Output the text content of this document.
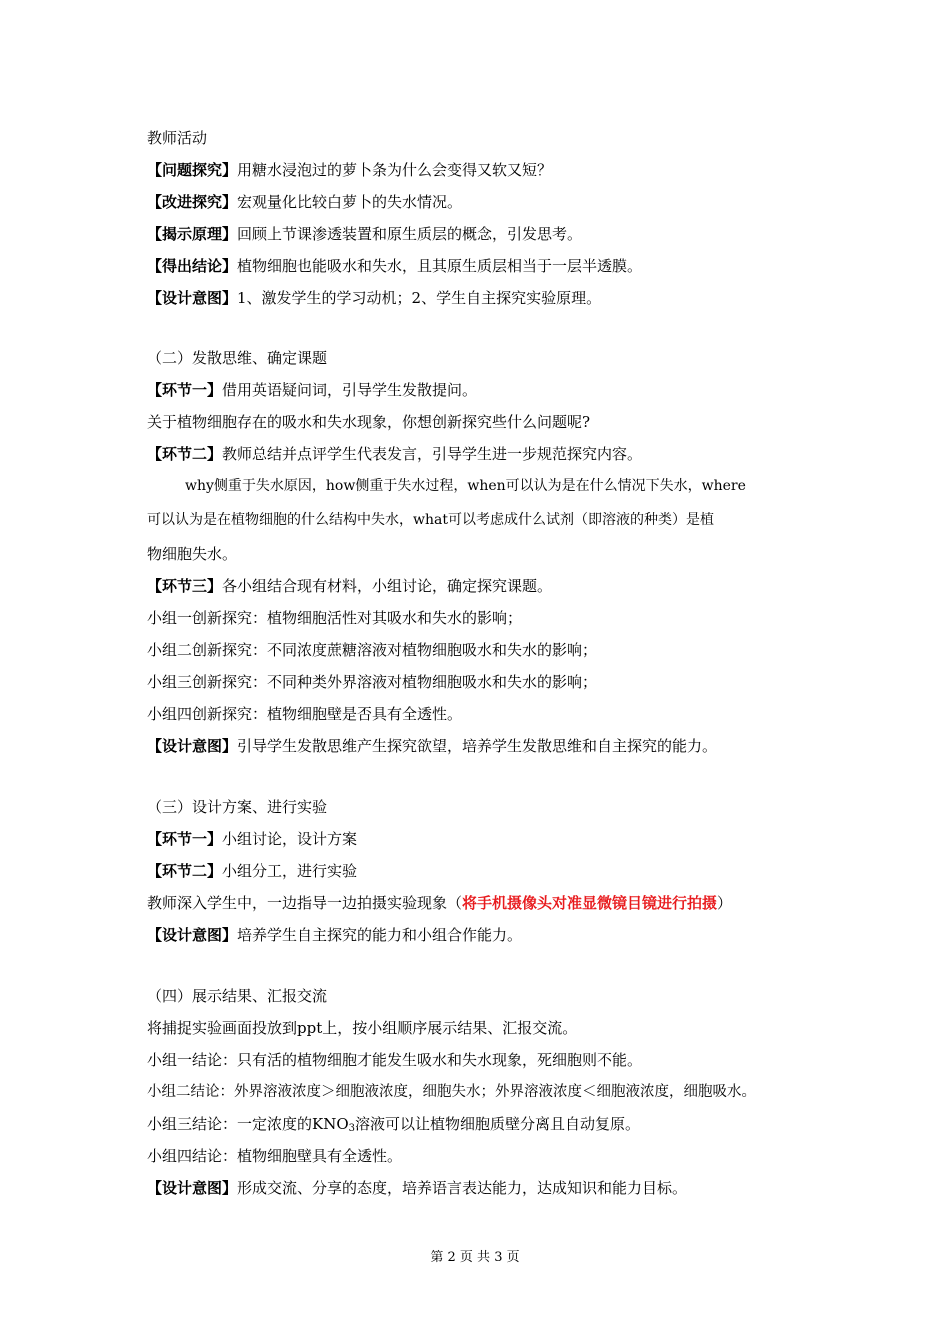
教师活动
【问题探究】用糖水浸泡过的萝卜条为什么会变得又软又短？
【改进探究】宏观量化比较白萝卜的失水情况。
【揭示原理】回顾上节课渗透装置和原生质层的概念，引发思考。
【得出结论】植物细胞也能吸水和失水，且其原生质层相当于一层半透膜。
【设计意图】1、激发学生的学习动机；2、学生自主探究实验原理。
（二）发散思维、确定课题
【环节一】借用英语疑问词，引导学生发散提问。
关于植物细胞存在的吸水和失水现象，你想创新探究些什么问题呢?
【环节二】教师总结并点评学生代表发言，引导学生进一步规范探究内容。
why侧重于失水原因，how侧重于失水过程，when可以认为是在什么情况下失水，where
可以认为是在植物细胞的什么结构中失水，what可以考虑成什么试剂（即溶液的种类）是植
物细胞失水。
【环节三】各小组结合现有材料，小组讨论，确定探究课题。
小组一创新探究：植物细胞活性对其吸水和失水的影响；
小组二创新探究：不同浓度蔗糖溶液对植物细胞吸水和失水的影响；
小组三创新探究：不同种类外界溶液对植物细胞吸水和失水的影响；
小组四创新探究：植物细胞壁是否具有全透性。
【设计意图】引导学生发散思维产生探究欲望，培养学生发散思维和自主探究的能力。
（三）设计方案、进行实验
【环节一】小组讨论，设计方案
【环节二】小组分工，进行实验
教师深入学生中，一边指导一边拍摄实验现象（将手机摄像头对准显微镜目镜进行拍摄）
【设计意图】培养学生自主探究的能力和小组合作能力。
（四）展示结果、汇报交流
将捕捉实验画面投放到ppt上，按小组顺序展示结果、汇报交流。
小组一结论：只有活的植物细胞才能发生吸水和失水现象，死细胞则不能。
小组二结论：外界溶液浓度＞细胞液浓度，细胞失水；外界溶液浓度＜细胞液浓度，细胞吸水。
小组三结论：一定浓度的$KNO_3$溶液可以让植物细胞质壁分离且自动复原。
小组四结论：植物细胞壁具有全透性。
【设计意图】形成交流、分享的态度，培养语言表达能力，达成知识和能力目标。
第 2 页 共 3 页
